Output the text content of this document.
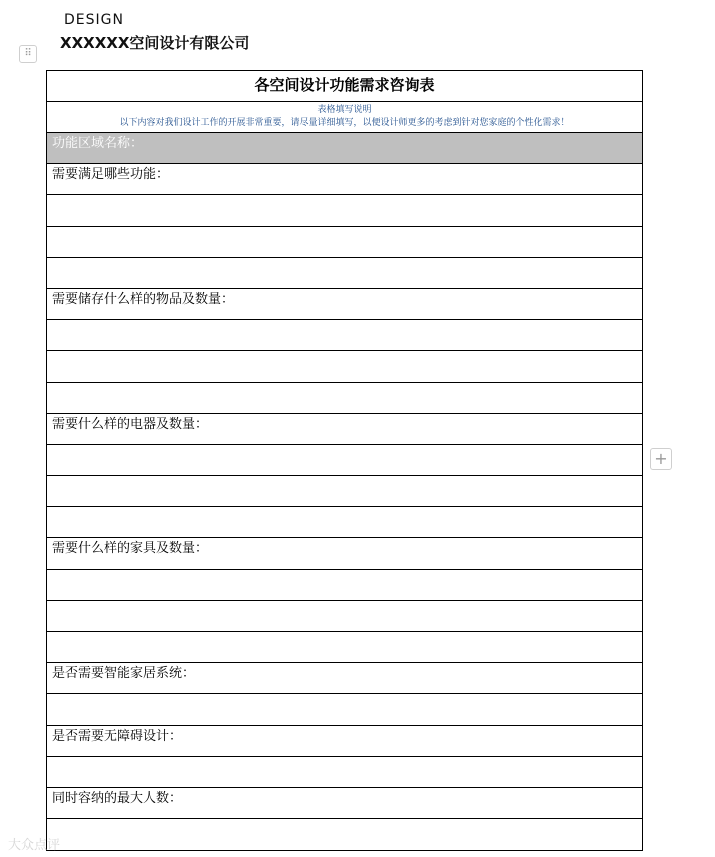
DESIGN
XXXXXX空间设计有限公司
⠿
+
各空间设计功能需求咨询表
表格填写说明
以下内容对我们设计工作的开展非常重要，请尽量详细填写，以便设计师更多的考虑到针对您家庭的个性化需求！
功能区域名称：
需要满足哪些功能：
需要储存什么样的物品及数量：
需要什么样的电器及数量：
需要什么样的家具及数量：
是否需要智能家居系统：
是否需要无障碍设计：
同时容纳的最大人数：
大众点评
